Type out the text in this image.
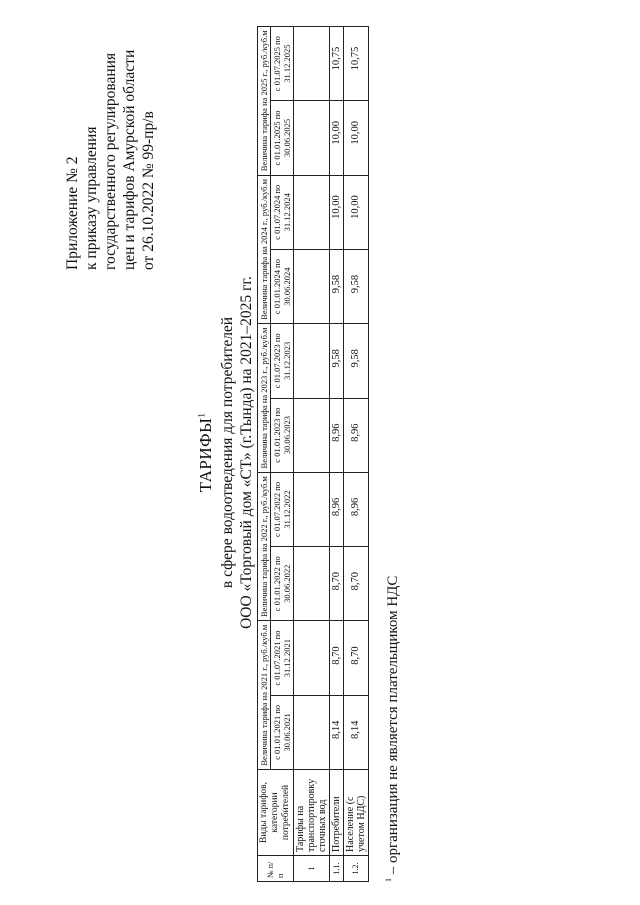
Приложение № 2 к приказу управления государственного регулирования цен и тарифов Амурской области от 26.10.2022 № 99-пр/в
ТАРИФЫ$^1$ в сфере водоотведения для потребителей ООО «Торговый дом «СТ» (г.Тында) на 2021–2025 гг.
№ п/п	Виды тарифов, категории потребителей	Величина тарифа на 2021 г., руб./куб.м		Величина тарифа на 2022 г., руб./куб.м		Величина тарифа на 2023 г., руб./куб.м		Величина тарифа на 2024 г., руб./куб.м		Величина тарифа на 2025 г., руб./куб.м	
		с 01.01.2021 по 30.06.2021	с 01.07.2021 по 31.12.2021	с 01.01.2022 по 30.06.2022	с 01.07.2022 по 31.12.2022	с 01.01.2023 по 30.06.2023	с 01.07.2023 по 31.12.2023	с 01.01.2024 по 30.06.2024	с 01.07.2024 по 31.12.2024	с 01.01.2025 по 30.06.2025	с 01.07.2025 по 31.12.2025
1	Тарифы на транспортировку сточных вод										
1.1.	Потребители	8,14	8,70	8,70	8,96	8,96	9,58	9,58	10,00	10,00	10,75
1.2.	Население (с учетом НДС)	8,14	8,70	8,70	8,96	8,96	9,58	9,58	10,00	10,00	10,75
$^1$ – организация не является плательщиком НДС
